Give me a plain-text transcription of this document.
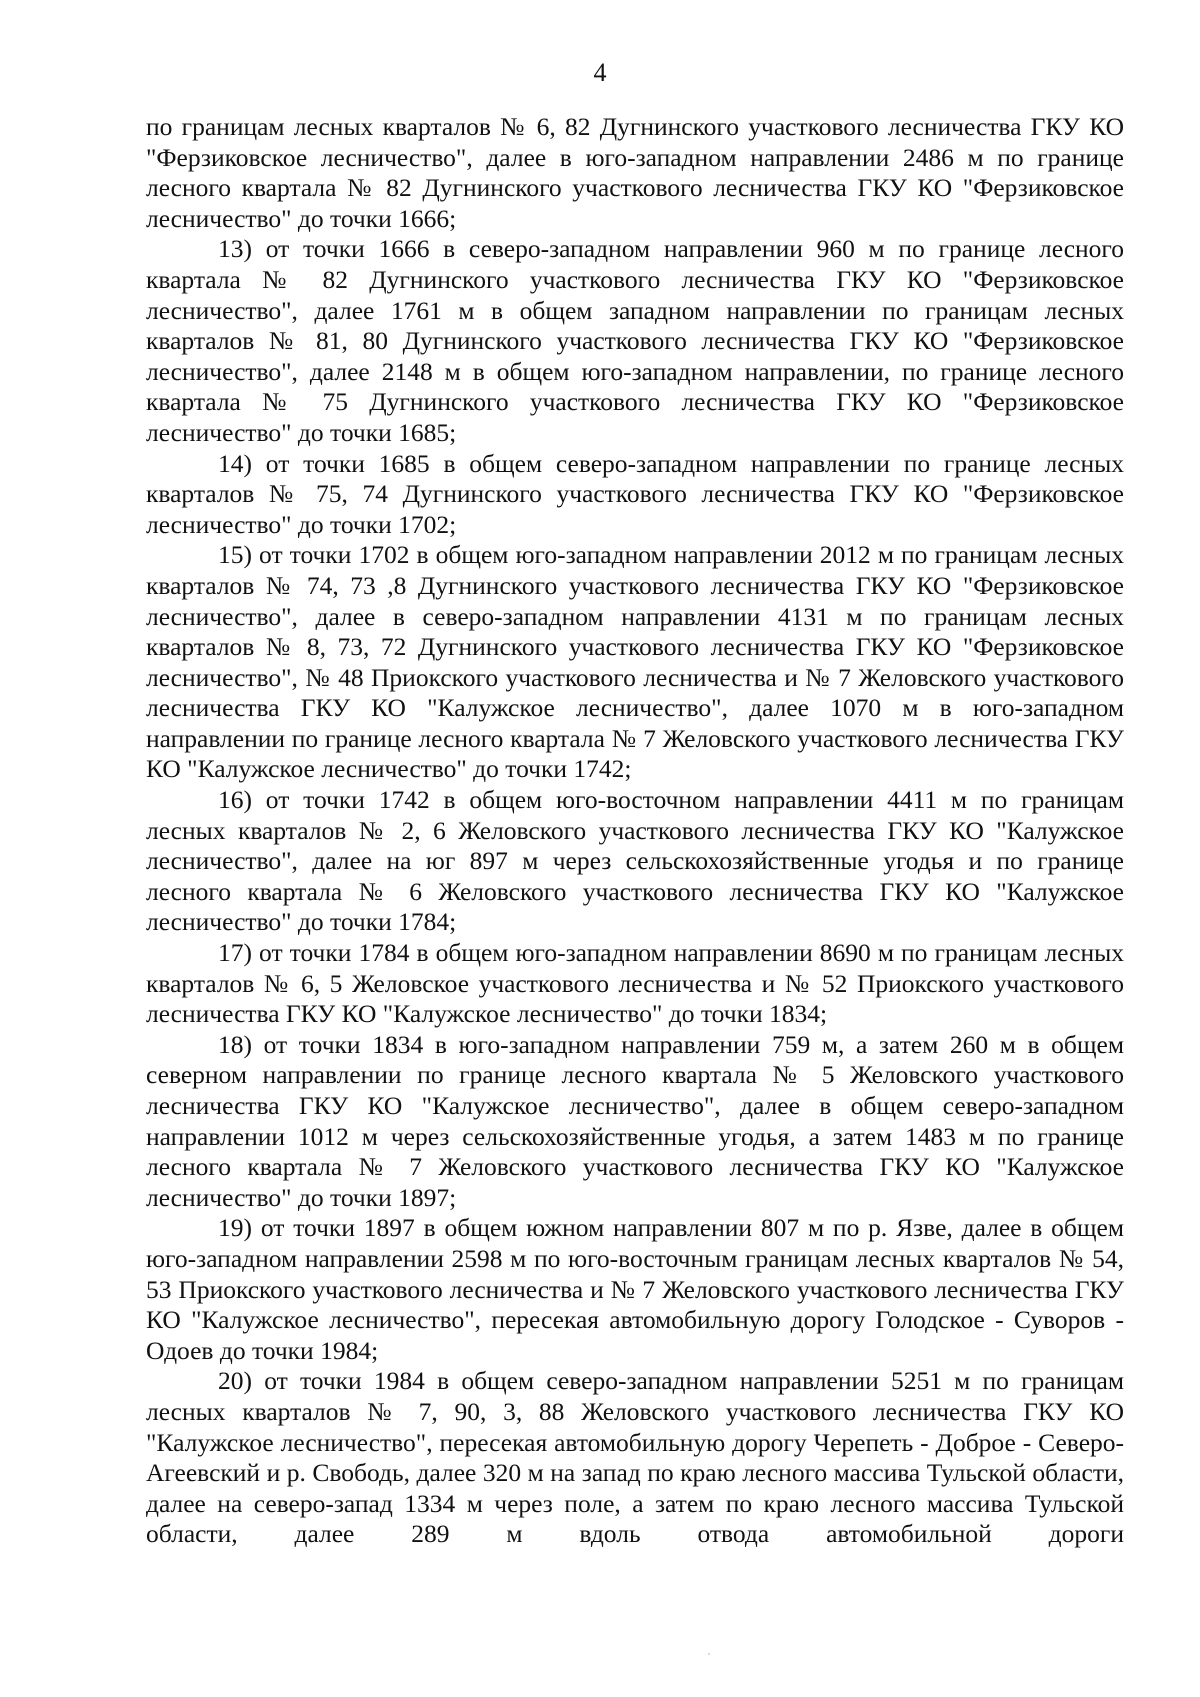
4

по границам лесных кварталов № 6, 82 Дугнинского участкового лесничества ГКУ КО "Ферзиковское лесничество", далее в юго-западном направлении 2486 м по границе лесного квартала № 82 Дугнинского участкового лесничества ГКУ КО "Ферзиковское лесничество" до точки 1666;

13) от точки 1666 в северо-западном направлении 960 м по границе лесного квартала № 82 Дугнинского участкового лесничества ГКУ КО "Ферзиковское лесничество", далее 1761 м в общем западном направлении по границам лесных кварталов № 81, 80 Дугнинского участкового лесничества ГКУ КО "Ферзиковское лесничество", далее 2148 м в общем юго-западном направлении, по границе лесного квартала № 75 Дугнинского участкового лесничества ГКУ КО "Ферзиковское лесничество" до точки 1685;

14) от точки 1685 в общем северо-западном направлении по границе лесных кварталов № 75, 74 Дугнинского участкового лесничества ГКУ КО "Ферзиковское лесничество" до точки 1702;

15) от точки 1702 в общем юго-западном направлении 2012 м по границам лесных кварталов № 74, 73 ,8 Дугнинского участкового лесничества ГКУ КО "Ферзиковское лесничество", далее в северо-западном направлении 4131 м по границам лесных кварталов № 8, 73, 72 Дугнинского участкового лесничества ГКУ КО "Ферзиковское лесничество", № 48 Приокского участкового лесничества и № 7 Желовского участкового лесничества ГКУ КО "Калужское лесничество", далее 1070 м в юго-западном направлении по границе лесного квартала № 7 Желовского участкового лесничества ГКУ КО "Калужское лесничество" до точки 1742;

16) от точки 1742 в общем юго-восточном направлении 4411 м по границам лесных кварталов № 2, 6 Желовского участкового лесничества ГКУ КО "Калужское лесничество", далее на юг 897 м через сельскохозяйственные угодья и по границе лесного квартала № 6 Желовского участкового лесничества ГКУ КО "Калужское лесничество" до точки 1784;

17) от точки 1784 в общем юго-западном направлении 8690 м по границам лесных кварталов № 6, 5 Желовское участкового лесничества и № 52 Приокского участкового лесничества ГКУ КО "Калужское лесничество" до точки 1834;

18) от точки 1834 в юго-западном направлении 759 м, а затем 260 м в общем северном направлении по границе лесного квартала № 5 Желовского участкового лесничества ГКУ КО "Калужское лесничество", далее в общем северо-западном направлении 1012 м через сельскохозяйственные угодья, а затем 1483 м по границе лесного квартала № 7 Желовского участкового лесничества ГКУ КО "Калужское лесничество" до точки 1897;

19) от точки 1897 в общем южном направлении 807 м по р. Язве, далее в общем юго-западном направлении 2598 м по юго-восточным границам лесных кварталов № 54, 53 Приокского участкового лесничества и № 7 Желовского участкового лесничества ГКУ КО "Калужское лесничество", пересекая автомобильную дорогу Голодское - Суворов - Одоев до точки 1984;

20) от точки 1984 в общем северо-западном направлении 5251 м по границам лесных кварталов № 7, 90, 3, 88 Желовского участкового лесничества ГКУ КО "Калужское лесничество", пересекая автомобильную дорогу Черепеть - Доброе - Северо-Агеевский и р. Свободь, далее 320 м на запад по краю лесного массива Тульской области, далее на северо-запад 1334 м через поле, а затем по краю лесного массива Тульской области, далее 289 м вдоль отвода автомобильной дороги
